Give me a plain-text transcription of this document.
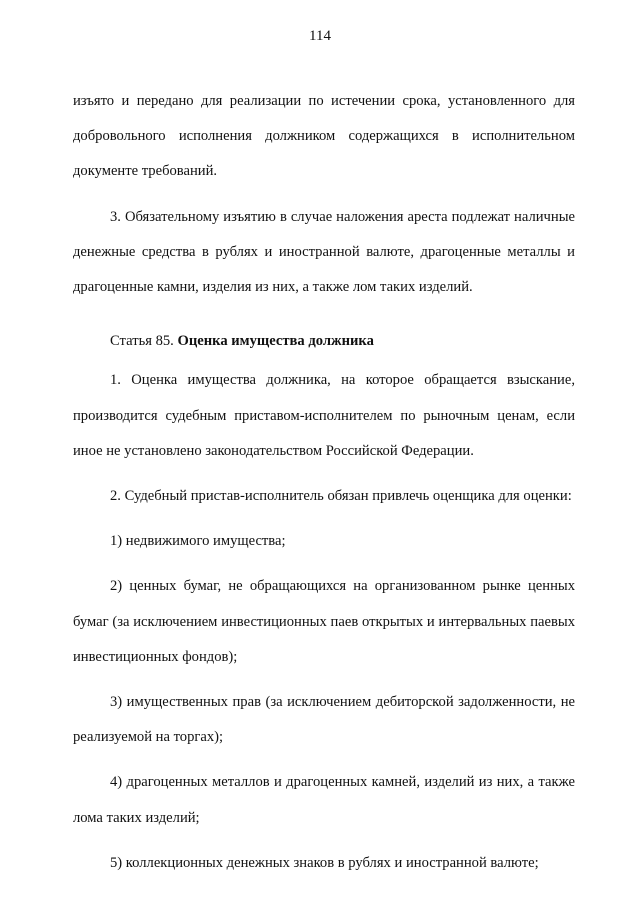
114

изъято и передано для реализации по истечении срока, установленного для добровольного исполнения должником содержащихся в исполнительном документе требований.

3. Обязательному изъятию в случае наложения ареста подлежат наличные денежные средства в рублях и иностранной валюте, драгоценные металлы и драгоценные камни, изделия из них, а также лом таких изделий.

Статья 85. Оценка имущества должника

1. Оценка имущества должника, на которое обращается взыскание, производится судебным приставом-исполнителем по рыночным ценам, если иное не установлено законодательством Российской Федерации.

2. Судебный пристав-исполнитель обязан привлечь оценщика для оценки:

1) недвижимого имущества;

2) ценных бумаг, не обращающихся на организованном рынке ценных бумаг (за исключением инвестиционных паев открытых и интервальных паевых инвестиционных фондов);

3) имущественных прав (за исключением дебиторской задолженности, не реализуемой на торгах);

4) драгоценных металлов и драгоценных камней, изделий из них, а также лома таких изделий;

5) коллекционных денежных знаков в рублях и иностранной валюте;
